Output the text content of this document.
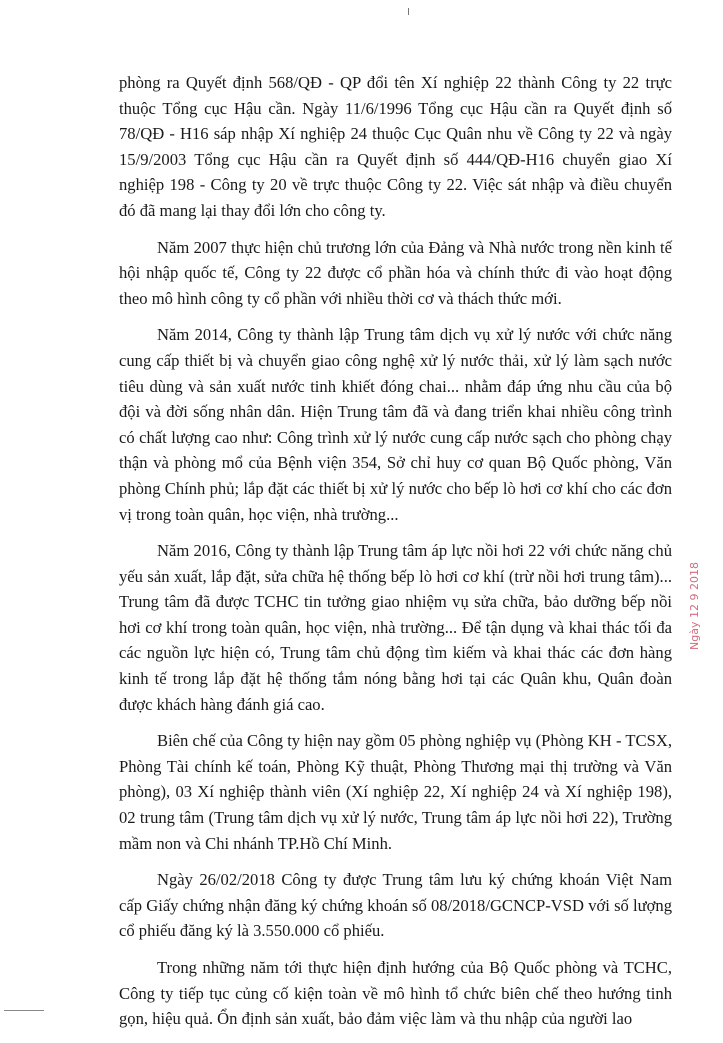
phòng ra Quyết định 568/QĐ - QP đổi tên Xí nghiệp 22 thành Công ty 22 trực thuộc Tổng cục Hậu cần. Ngày 11/6/1996 Tổng cục Hậu cần ra Quyết định số 78/QĐ - H16 sáp nhập Xí nghiệp 24 thuộc Cục Quân nhu về Công ty 22 và ngày 15/9/2003 Tổng cục Hậu cần ra Quyết định số 444/QĐ-H16 chuyển giao Xí nghiệp 198 - Công ty 20 về trực thuộc Công ty 22. Việc sát nhập và điều chuyển đó đã mang lại thay đổi lớn cho công ty.

Năm 2007 thực hiện chủ trương lớn của Đảng và Nhà nước trong nền kinh tế hội nhập quốc tế, Công ty 22 được cổ phần hóa và chính thức đi vào hoạt động theo mô hình công ty cổ phần với nhiều thời cơ và thách thức mới.

Năm 2014, Công ty thành lập Trung tâm dịch vụ xử lý nước với chức năng cung cấp thiết bị và chuyển giao công nghệ xử lý nước thải, xử lý làm sạch nước tiêu dùng và sản xuất nước tinh khiết đóng chai... nhằm đáp ứng nhu cầu của bộ đội và đời sống nhân dân. Hiện Trung tâm đã và đang triển khai nhiều công trình có chất lượng cao như: Công trình xử lý nước cung cấp nước sạch cho phòng chạy thận và phòng mổ của Bệnh viện 354, Sở chỉ huy cơ quan Bộ Quốc phòng, Văn phòng Chính phủ; lắp đặt các thiết bị xử lý nước cho bếp lò hơi cơ khí cho các đơn vị trong toàn quân, học viện, nhà trường...

Năm 2016, Công ty thành lập Trung tâm áp lực nồi hơi 22 với chức năng chủ yếu sản xuất, lắp đặt, sửa chữa hệ thống bếp lò hơi cơ khí (trừ nồi hơi trung tâm)... Trung tâm đã được TCHC tin tưởng giao nhiệm vụ sửa chữa, bảo dưỡng bếp nồi hơi cơ khí trong toàn quân, học viện, nhà trường... Để tận dụng và khai thác tối đa các nguồn lực hiện có, Trung tâm chủ động tìm kiếm và khai thác các đơn hàng kinh tế trong lắp đặt hệ thống tắm nóng bằng hơi tại các Quân khu, Quân đoàn được khách hàng đánh giá cao.

Biên chế của Công ty hiện nay gồm 05 phòng nghiệp vụ (Phòng KH - TCSX, Phòng Tài chính kế toán, Phòng Kỹ thuật, Phòng Thương mại thị trường và Văn phòng), 03 Xí nghiệp thành viên (Xí nghiệp 22, Xí nghiệp 24 và Xí nghiệp 198), 02 trung tâm (Trung tâm dịch vụ xử lý nước, Trung tâm áp lực nồi hơi 22), Trường mầm non và Chi nhánh TP.Hồ Chí Minh.

Ngày 26/02/2018 Công ty được Trung tâm lưu ký chứng khoán Việt Nam cấp Giấy chứng nhận đăng ký chứng khoán số 08/2018/GCNCP-VSD với số lượng cổ phiếu đăng ký là 3.550.000 cổ phiếu.

Trong những năm tới thực hiện định hướng của Bộ Quốc phòng và TCHC, Công ty tiếp tục củng cố kiện toàn về mô hình tổ chức biên chế theo hướng tinh gọn, hiệu quả. Ổn định sản xuất, bảo đảm việc làm và thu nhập của người lao

Ngày 12 9 2018
